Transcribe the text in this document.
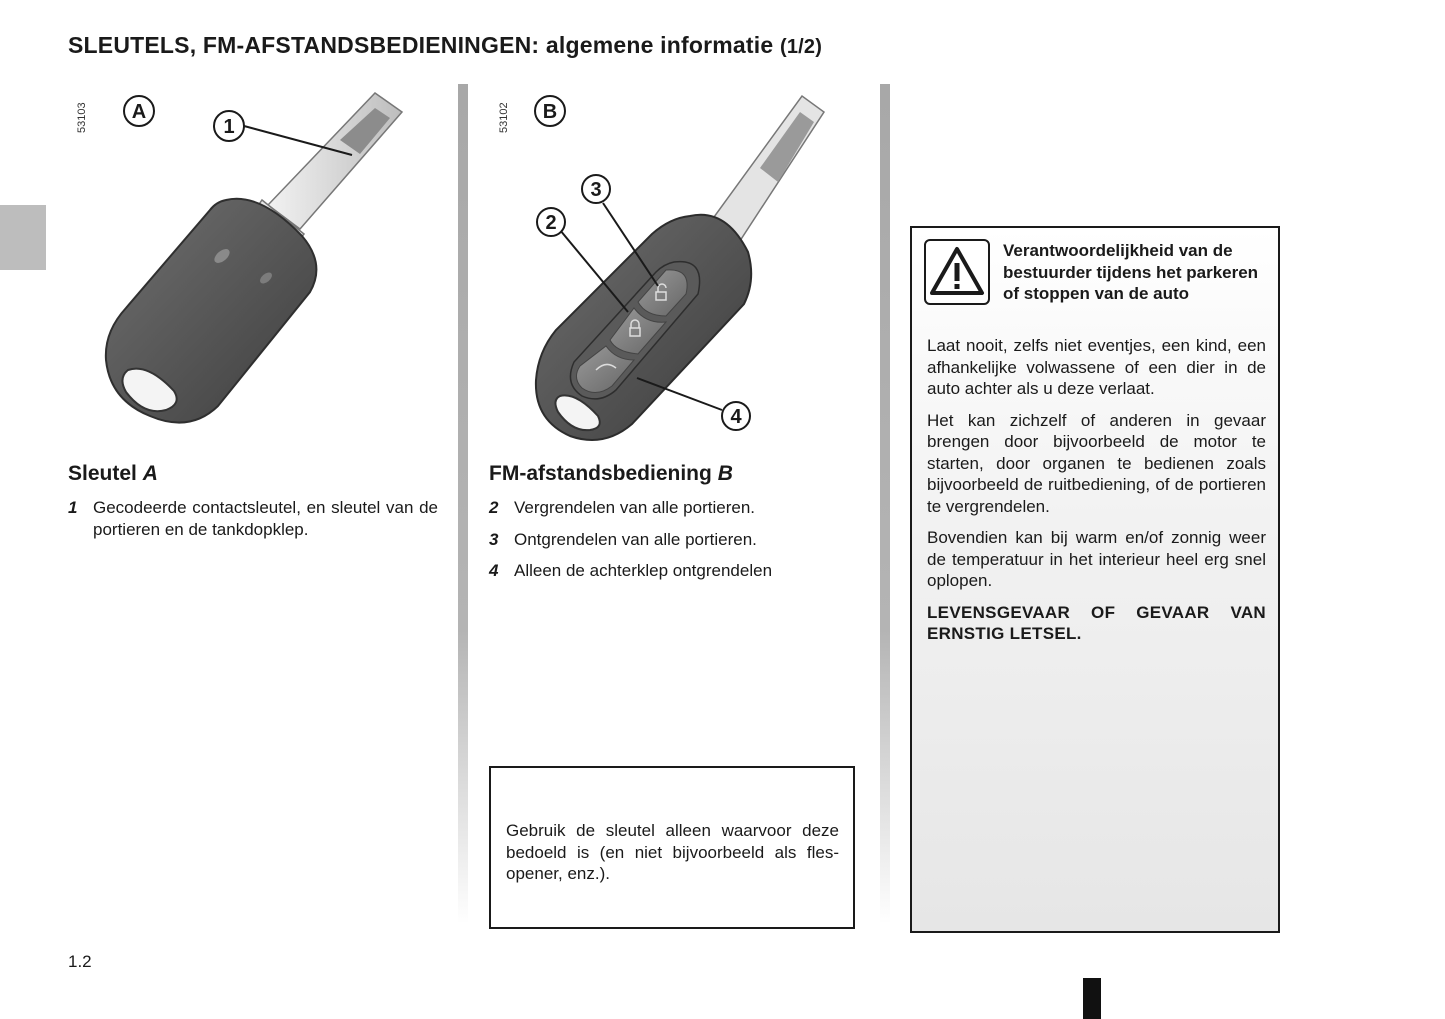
SLEUTELS, FM-AFSTANDSBEDIENINGEN: algemene informatie (1/2)
53103 A
1	53102 B
2
3
4
Sleutel A
1 Gecodeerde contactsleutel, en sleutel van de portieren en de tankdopklep.
FM-afstandsbediening B
2 Vergrendelen van alle portieren.
3 Ontgrendelen van alle portieren.
4 Alleen de achterklep ontgrendelen
Gebruik de sleutel alleen waarvoor deze bedoeld is (en niet bijvoorbeeld als flesopener, enz.).
Verantwoordelijkheid van de bestuurder tijdens het parkeren of stoppen van de auto

Laat nooit, zelfs niet eventjes, een kind, een afhankelijke volwassene of een dier in de auto achter als u deze verlaat.

Het kan zichzelf of anderen in gevaar brengen door bijvoorbeeld de motor te starten, door organen te bedienen zoals bijvoorbeeld de ruitbediening, of de portieren te vergrendelen.

Bovendien kan bij warm en/of zonnig weer de temperatuur in het interieur heel erg snel oplopen.

LEVENSGEVAAR OF GEVAAR VAN ERNSTIG LETSEL.

1.2
